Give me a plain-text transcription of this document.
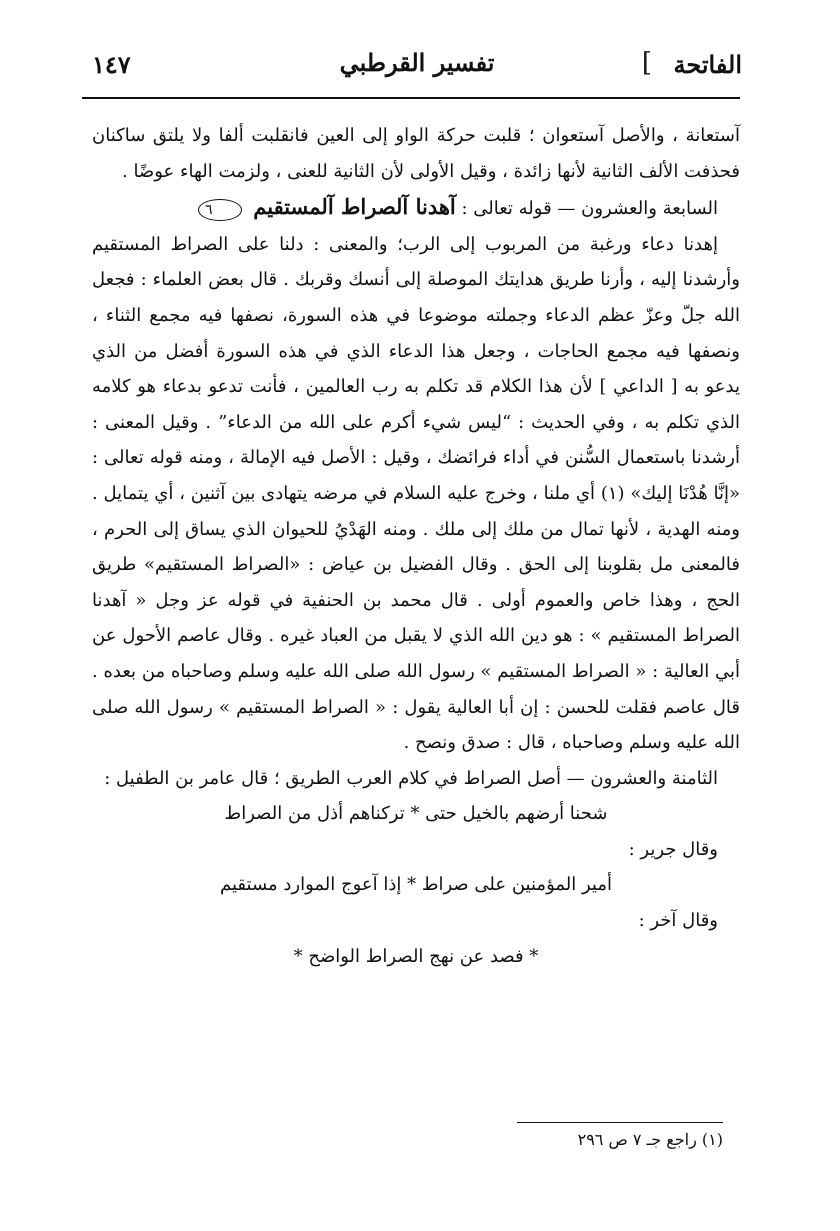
الفاتحة
]
تفسير القرطبي
١٤٧

آستعانة ، والأصل آستعوان ؛ قلبت حركة الواو إلى العين فانقلبت ألفا ولا يلتق ساكنان فحذفت الألف الثانية لأنها زائدة ، وقيل الأولى لأن الثانية للعنى ، ولزمت الهاء عوضًا .

السابعة والعشرون — قوله تعالى : آهدنا آلصراط آلمستقيم ٦

إهدنا دعاء ورغبة من المربوب إلى الرب؛ والمعنى : دلنا على الصراط المستقيم وأرشدنا إليه ، وأرنا طريق هدايتك الموصلة إلى أنسك وقربك . قال بعض العلماء : فجعل الله جلّ وعزّ عظم الدعاء وجملته موضوعا في هذه السورة، نصفها فيه مجمع الثناء ، ونصفها فيه مجمع الحاجات ، وجعل هذا الدعاء الذي في هذه السورة أفضل من الذي يدعو به [ الداعي ] لأن هذا الكلام قد تكلم به رب العالمين ، فأنت تدعو بدعاء هو كلامه الذي تكلم به ، وفي الحديث : “ليس شيء أكرم على الله من الدعاء” . وقيل المعنى : أرشدنا باستعمال السُّنن في أداء فرائضك ، وقيل : الأصل فيه الإمالة ، ومنه قوله تعالى : «إنَّا هُدْنَا إليك» (١) أي ملنا ، وخرج عليه السلام في مرضه يتهادى بين آثنين ، أي يتمايل . ومنه الهدية ، لأنها تمال من ملك إلى ملك . ومنه الهَدْيُ للحيوان الذي يساق إلى الحرم ، فالمعنى مل بقلوبنا إلى الحق . وقال الفضيل بن عياض : «الصراط المستقيم» طريق الحج ، وهذا خاص والعموم أولى . قال محمد بن الحنفية في قوله عز وجل « آهدنا الصراط المستقيم » : هو دين الله الذي لا يقبل من العباد غيره . وقال عاصم الأحول عن أبي العالية : « الصراط المستقيم » رسول الله صلى الله عليه وسلم وصاحباه من بعده . قال عاصم فقلت للحسن : إن أبا العالية يقول : « الصراط المستقيم » رسول الله صلى الله عليه وسلم وصاحباه ، قال : صدق ونصح .

الثامنة والعشرون — أصل الصراط في كلام العرب الطريق ؛ قال عامر بن الطفيل :

شحنا أرضهم بالخيل حتى * تركناهم أذل من الصراط

وقال جرير :

أمير المؤمنين على صراط * إذا آعوج الموارد مستقيم

وقال آخر :

* فصد عن نهج الصراط الواضح *

(١) راجع جـ ٧ ص ٢٩٦
